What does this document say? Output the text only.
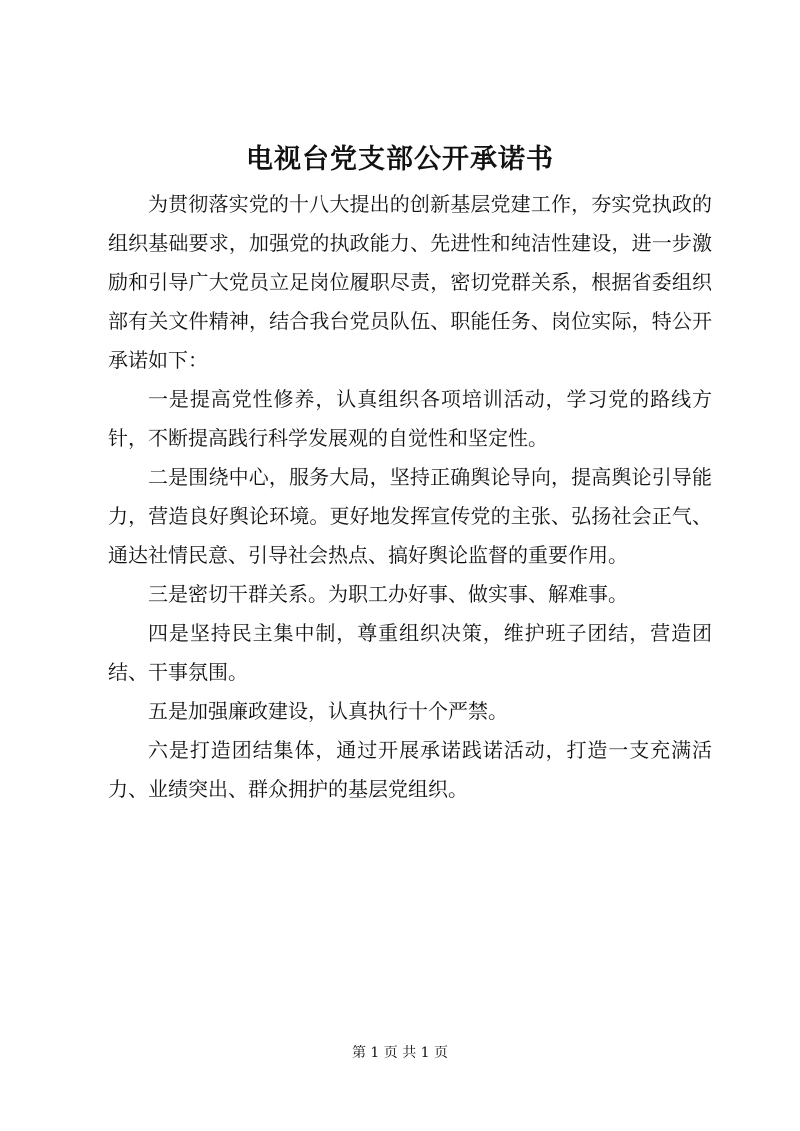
电视台党支部公开承诺书

为贯彻落实党的十八大提出的创新基层党建工作，夯实党执政的组织基础要求，加强党的执政能力、先进性和纯洁性建设，进一步激励和引导广大党员立足岗位履职尽责，密切党群关系，根据省委组织部有关文件精神，结合我台党员队伍、职能任务、岗位实际，特公开承诺如下：

一是提高党性修养，认真组织各项培训活动，学习党的路线方针，不断提高践行科学发展观的自觉性和坚定性。

二是围绕中心，服务大局，坚持正确舆论导向，提高舆论引导能力，营造良好舆论环境。更好地发挥宣传党的主张、弘扬社会正气、通达社情民意、引导社会热点、搞好舆论监督的重要作用。

三是密切干群关系。为职工办好事、做实事、解难事。

四是坚持民主集中制，尊重组织决策，维护班子团结，营造团结、干事氛围。

五是加强廉政建设，认真执行十个严禁。

六是打造团结集体，通过开展承诺践诺活动，打造一支充满活力、业绩突出、群众拥护的基层党组织。

第 1 页 共 1 页
